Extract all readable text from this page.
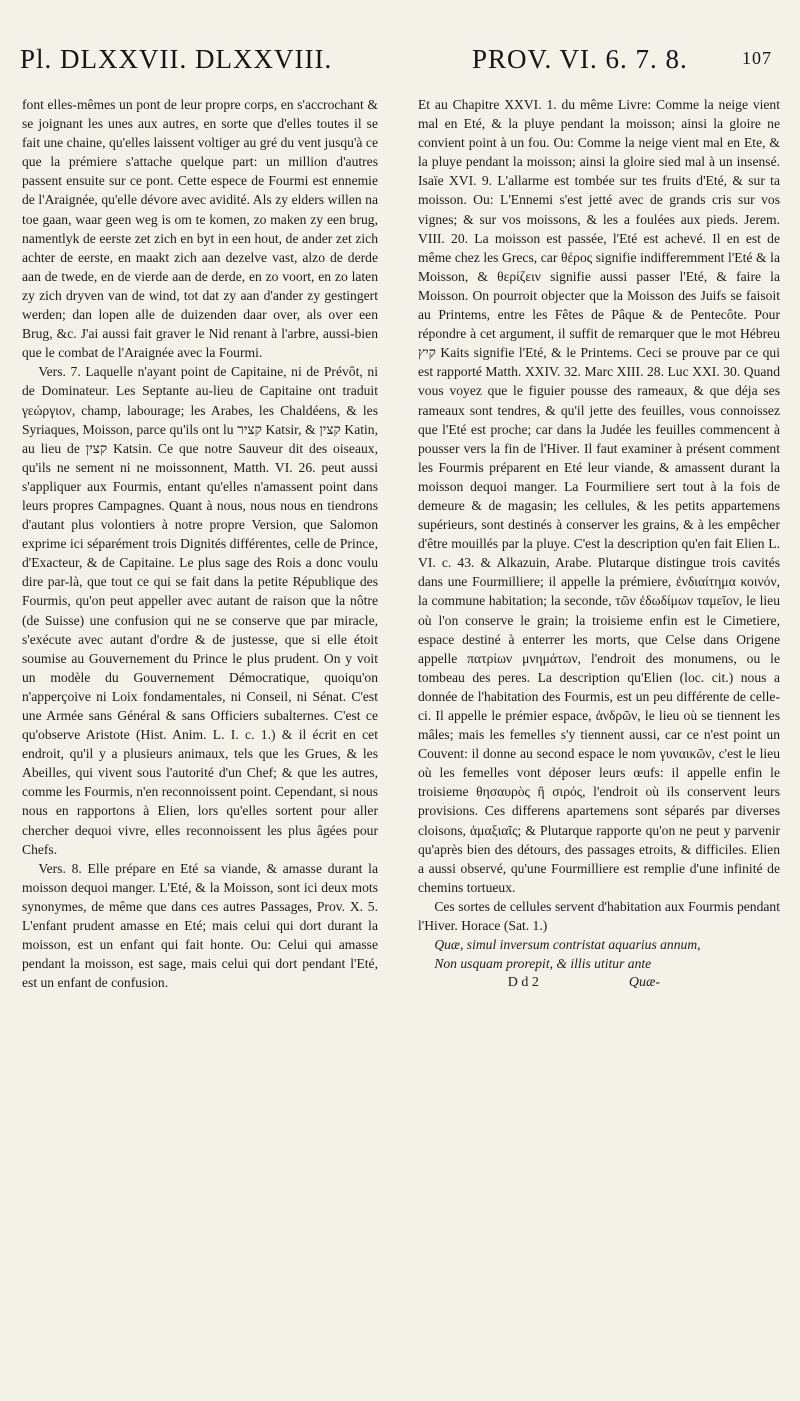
Pl. DLXXVII. DLXXVIII.	PROV. VI. 6. 7. 8.	107

font elles-mêmes un pont de leur propre corps, en s'accrochant & se joignant les unes aux autres, en sorte que d'elles toutes il se fait une chaine, qu'elles laissent voltiger au gré du vent jusqu'à ce que la prémiere s'attache quelque part: un million d'autres passent ensuite sur ce pont. Cette espece de Fourmi est ennemie de l'Araignée, qu'elle dévore avec avidité. Als zy elders willen na toe gaan, waar geen weg is om te komen, zo maken zy een brug, namentlyk de eerste zet zich en byt in een hout, de ander zet zich achter de eerste, en maakt zich aan dezelve vast, alzo de derde aan de twede, en de vierde aan de derde, en zo voort, en zo laten zy zich dryven van de wind, tot dat zy aan d'ander zy gestingert werden; dan lopen alle de duizenden daar over, als over een Brug, &c. J'ai aussi fait graver le Nid renant à l'arbre, aussi-bien que le combat de l'Araignée avec la Fourmi.

Vers. 7. Laquelle n'ayant point de Capitaine, ni de Prévôt, ni de Dominateur. Les Septante au-lieu de Capitaine ont traduit γεώργιον, champ, labourage; les Arabes, les Chaldéens, & les Syriaques, Moisson, parce qu'ils ont lu קציר Katsir, & קצין Katin, au lieu de קצין Katsin. Ce que notre Sauveur dit des oiseaux, qu'ils ne sement ni ne moissonnent, Matth. VI. 26. peut aussi s'appliquer aux Fourmis, entant qu'elles n'amassent point dans leurs propres Campagnes. Quant à nous, nous nous en tiendrons d'autant plus volontiers à notre propre Version, que Salomon exprime ici séparément trois Dignités différentes, celle de Prince, d'Exacteur, & de Capitaine. Le plus sage des Rois a donc voulu dire par-là, que tout ce qui se fait dans la petite République des Fourmis, qu'on peut appeller avec autant de raison que la nôtre (de Suisse) une confusion qui ne se conserve que par miracle, s'exécute avec autant d'ordre & de justesse, que si elle étoit soumise au Gouvernement du Prince le plus prudent. On y voit un modèle du Gouvernement Démocratique, quoiqu'on n'apperçoive ni Loix fondamentales, ni Conseil, ni Sénat. C'est une Armée sans Général & sans Officiers subalternes. C'est ce qu'observe Aristote (Hist. Anim. L. I. c. 1.) & il écrit en cet endroit, qu'il y a plusieurs animaux, tels que les Grues, & les Abeilles, qui vivent sous l'autorité d'un Chef; & que les autres, comme les Fourmis, n'en reconnoissent point. Cependant, si nous nous en rapportons à Elien, lors qu'elles sortent pour aller chercher dequoi vivre, elles reconnoissent les plus âgées pour Chefs.

Vers. 8. Elle prépare en Eté sa viande, & amasse durant la moisson dequoi manger. L'Eté, & la Moisson, sont ici deux mots synonymes, de même que dans ces autres Passages, Prov. X. 5. L'enfant prudent amasse en Eté; mais celui qui dort durant la moisson, est un enfant qui fait honte. Ou: Celui qui amasse pendant la moisson, est sage, mais celui qui dort pendant l'Eté, est un enfant de confusion.

Et au Chapitre XXVI. 1. du même Livre: Comme la neige vient mal en Eté, & la pluye pendant la moisson; ainsi la gloire ne convient point à un fou. Ou: Comme la neige vient mal en Ete, & la pluye pendant la moisson; ainsi la gloire sied mal à un insensé. Isaïe XVI. 9. L'allarme est tombée sur tes fruits d'Eté, & sur ta moisson. Ou: L'Ennemi s'est jetté avec de grands cris sur vos vignes; & sur vos moissons, & les a foulées aux pieds. Jerem. VIII. 20. La moisson est passée, l'Eté est achevé. Il en est de même chez les Grecs, car θέρος signifie indifferemment l'Eté & la Moisson, & θερίζειν signifie aussi passer l'Eté, & faire la Moisson. On pourroit objecter que la Moisson des Juifs se faisoit au Printems, entre les Fêtes de Pâque & de Pentecôte. Pour répondre à cet argument, il suffit de remarquer que le mot Hébreu קיץ Kaits signifie l'Eté, & le Printems. Ceci se prouve par ce qui est rapporté Matth. XXIV. 32. Marc XIII. 28. Luc XXI. 30. Quand vous voyez que le figuier pousse des rameaux, & que déja ses rameaux sont tendres, & qu'il jette des feuilles, vous connoissez que l'Eté est proche; car dans la Judée les feuilles commencent à pousser vers la fin de l'Hiver. Il faut examiner à présent comment les Fourmis préparent en Eté leur viande, & amassent durant la moisson dequoi manger. La Fourmiliere sert tout à la fois de demeure & de magasin; les cellules, & les petits appartemens supérieurs, sont destinés à conserver les grains, & à les empêcher d'être mouillés par la pluye. C'est la description qu'en fait Elien L. VI. c. 43. & Alkazuin, Arabe. Plutarque distingue trois cavités dans une Fourmilliere; il appelle la prémiere, ἐνδιαίτημα κοινόν, la commune habitation; la seconde, τῶν ἐδωδίμων ταμεῖον, le lieu où l'on conserve le grain; la troisieme enfin est le Cimetiere, espace destiné à enterrer les morts, que Celse dans Origene appelle πατρίων μνημάτων, l'endroit des monumens, ou le tombeau des peres. La description qu'Elien (loc. cit.) nous a donnée de l'habitation des Fourmis, est un peu différente de celle-ci. Il appelle le prémier espace, ἀνδρῶν, le lieu où se tiennent les mâles; mais les femelles s'y tiennent aussi, car ce n'est point un Couvent: il donne au second espace le nom γυναικῶν, c'est le lieu où les femelles vont déposer leurs œufs: il appelle enfin le troisieme θησαυρὸς ἢ σιρός, l'endroit où ils conservent leurs provisions. Ces differens apartemens sont séparés par diverses cloisons, ἀμαξιαῖς; & Plutarque rapporte qu'on ne peut y parvenir qu'après bien des détours, des passages etroits, & difficiles. Elien a aussi observé, qu'une Fourmilliere est remplie d'une infinité de chemins tortueux.

Ces sortes de cellules servent d'habitation aux Fourmis pendant l'Hiver. Horace (Sat. 1.)

Quæ, simul inversum contristat aquarius annum,

Non usquam prorepit, & illis utitur ante

D d 2	Quæ-
